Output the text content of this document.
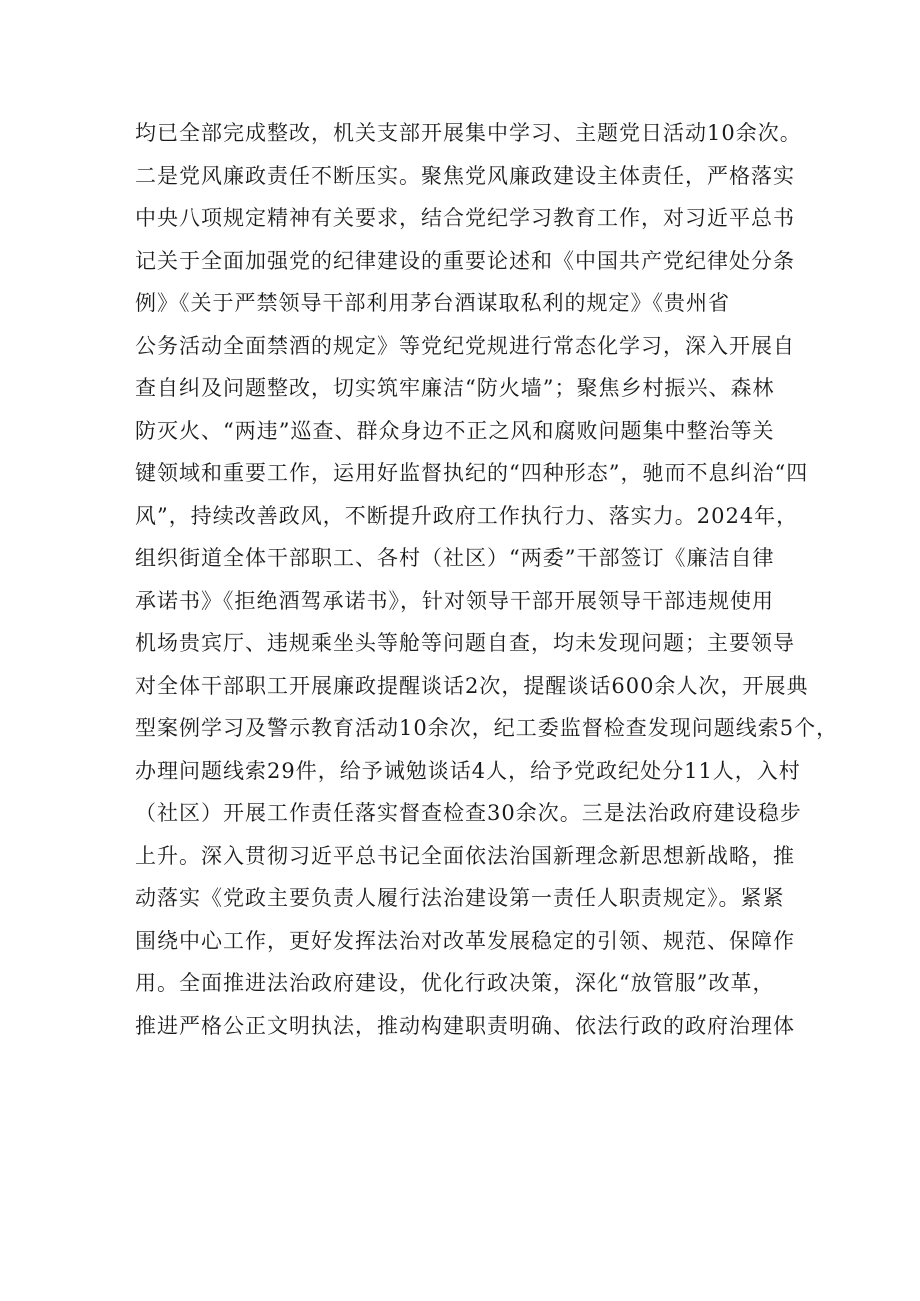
均已全部完成整改，机关支部开展集中学习、主题党日活动10余次。
二是党风廉政责任不断压实。聚焦党风廉政建设主体责任，严格落实
中央八项规定精神有关要求，结合党纪学习教育工作，对习近平总书
记关于全面加强党的纪律建设的重要论述和《中国共产党纪律处分条
例》《关于严禁领导干部利用茅台酒谋取私利的规定》《贵州省
公务活动全面禁酒的规定》等党纪党规进行常态化学习，深入开展自
查自纠及问题整改，切实筑牢廉洁“防火墙”；聚焦乡村振兴、森林
防灭火、“两违”巡查、群众身边不正之风和腐败问题集中整治等关
键领域和重要工作，运用好监督执纪的“四种形态”，驰而不息纠治“四
风”，持续改善政风，不断提升政府工作执行力、落实力。2024年，
组织街道全体干部职工、各村（社区）“两委”干部签订《廉洁自律
承诺书》《拒绝酒驾承诺书》，针对领导干部开展领导干部违规使用
机场贵宾厅、违规乘坐头等舱等问题自查，均未发现问题；主要领导
对全体干部职工开展廉政提醒谈话2次，提醒谈话600余人次，开展典
型案例学习及警示教育活动10余次，纪工委监督检查发现问题线索5个，
办理问题线索29件，给予诫勉谈话4人，给予党政纪处分11人，入村
（社区）开展工作责任落实督查检查30余次。三是法治政府建设稳步
上升。深入贯彻习近平总书记全面依法治国新理念新思想新战略，推
动落实《党政主要负责人履行法治建设第一责任人职责规定》。紧紧
围绕中心工作，更好发挥法治对改革发展稳定的引领、规范、保障作
用。全面推进法治政府建设，优化行政决策，深化“放管服”改革，
推进严格公正文明执法，推动构建职责明确、依法行政的政府治理体
